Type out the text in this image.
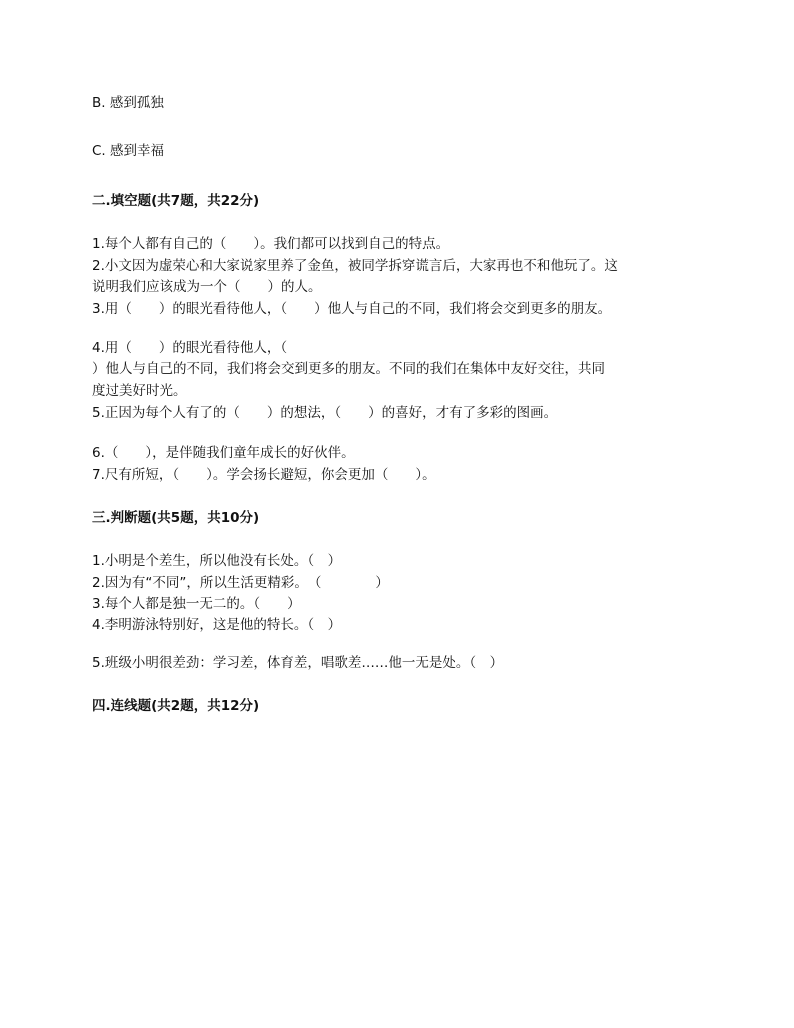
B. 感到孤独
C. 感到幸福
二.填空题(共7题，共22分)
1.每个人都有自己的（　　）。我们都可以找到自己的特点。
2.小文因为虚荣心和大家说家里养了金鱼，被同学拆穿谎言后，大家再也不和他玩了。这
说明我们应该成为一个（　　）的人。
3.用（　　）的眼光看待他人，（　　）他人与自己的不同，我们将会交到更多的朋友。
4.用（　　）的眼光看待他人，（
）他人与自己的不同，我们将会交到更多的朋友。不同的我们在集体中友好交往，共同
度过美好时光。
5.正因为每个人有了的（　　）的想法，（　　）的喜好，才有了多彩的图画。
6.（　　），是伴随我们童年成长的好伙伴。
7.尺有所短，（　　）。学会扬长避短，你会更加（　　）。
三.判断题(共5题，共10分)
1.小明是个差生，所以他没有长处。（　）
2.因为有“不同”，所以生活更精彩。　（　　　　）
3.每个人都是独一无二的。（　　）
4.李明游泳特别好，这是他的特长。（　）
5.班级小明很差劲：学习差，体育差，唱歌差……他一无是处。（　）
四.连线题(共2题，共12分)
